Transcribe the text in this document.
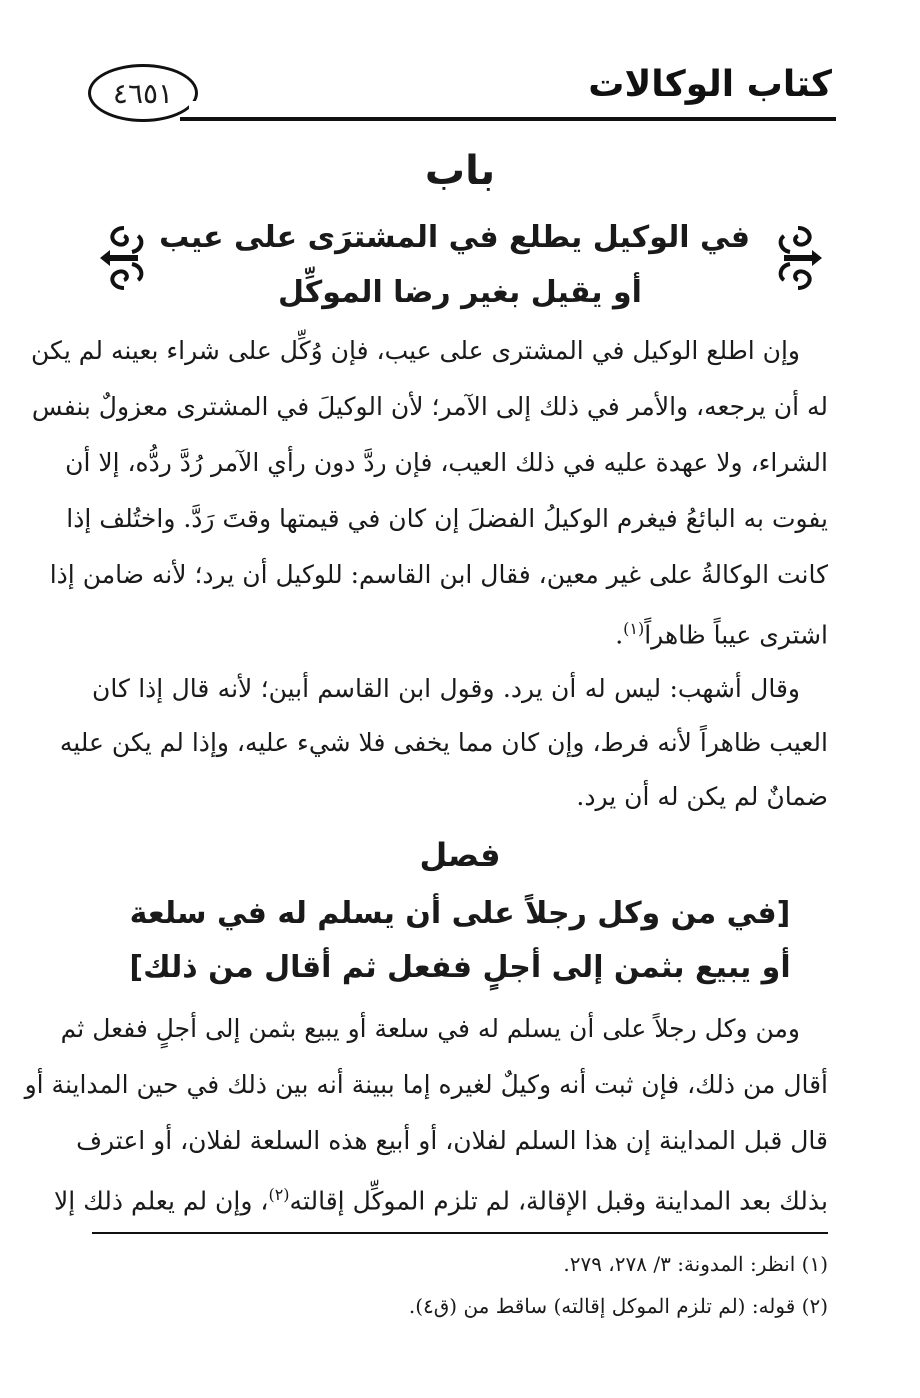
كتاب الوكالات
٤٦٥١
باب
في الوكيل يطلع في المشترَى على عيب
أو يقيل بغير رضا الموكِّل
وإن اطلع الوكيل في المشترى على عيب، فإن وُكِّل على شراء بعينه لم يكن
له أن يرجعه، والأمر في ذلك إلى الآمر؛ لأن الوكيلَ في المشترى معزولٌ بنفس
الشراء، ولا عهدة عليه في ذلك العيب، فإن ردَّ دون رأي الآمر رُدَّ ردُّه، إلا أن
يفوت به البائعُ فيغرم الوكيلُ الفضلَ إن كان في قيمتها وقتَ رَدَّ. واختُلف إذا
كانت الوكالةُ على غير معين، فقال ابن القاسم: للوكيل أن يرد؛ لأنه ضامن إذا
اشترى عيباً ظاهراً$^{(١)}$.
وقال أشهب: ليس له أن يرد. وقول ابن القاسم أبين؛ لأنه قال إذا كان
العيب ظاهراً لأنه فرط، وإن كان مما يخفى فلا شيء عليه، وإذا لم يكن عليه
ضمانٌ لم يكن له أن يرد.
فصل
[في من وكل رجلاً على أن يسلم له في سلعة
أو يبيع بثمن إلى أجلٍ ففعل ثم أقال من ذلك]
ومن وكل رجلاً على أن يسلم له في سلعة أو يبيع بثمن إلى أجلٍ ففعل ثم
أقال من ذلك، فإن ثبت أنه وكيلٌ لغيره إما ببينة أنه بين ذلك في حين المداينة أو
قال قبل المداينة إن هذا السلم لفلان، أو أبيع هذه السلعة لفلان، أو اعترف
بذلك بعد المداينة وقبل الإقالة، لم تلزم الموكِّل إقالته$^{(٢)}$، وإن لم يعلم ذلك إلا
(١) انظر: المدونة: ٣/ ٢٧٨، ٢٧٩.
(٢) قوله: (لم تلزم الموكل إقالته) ساقط من (ق٤).
